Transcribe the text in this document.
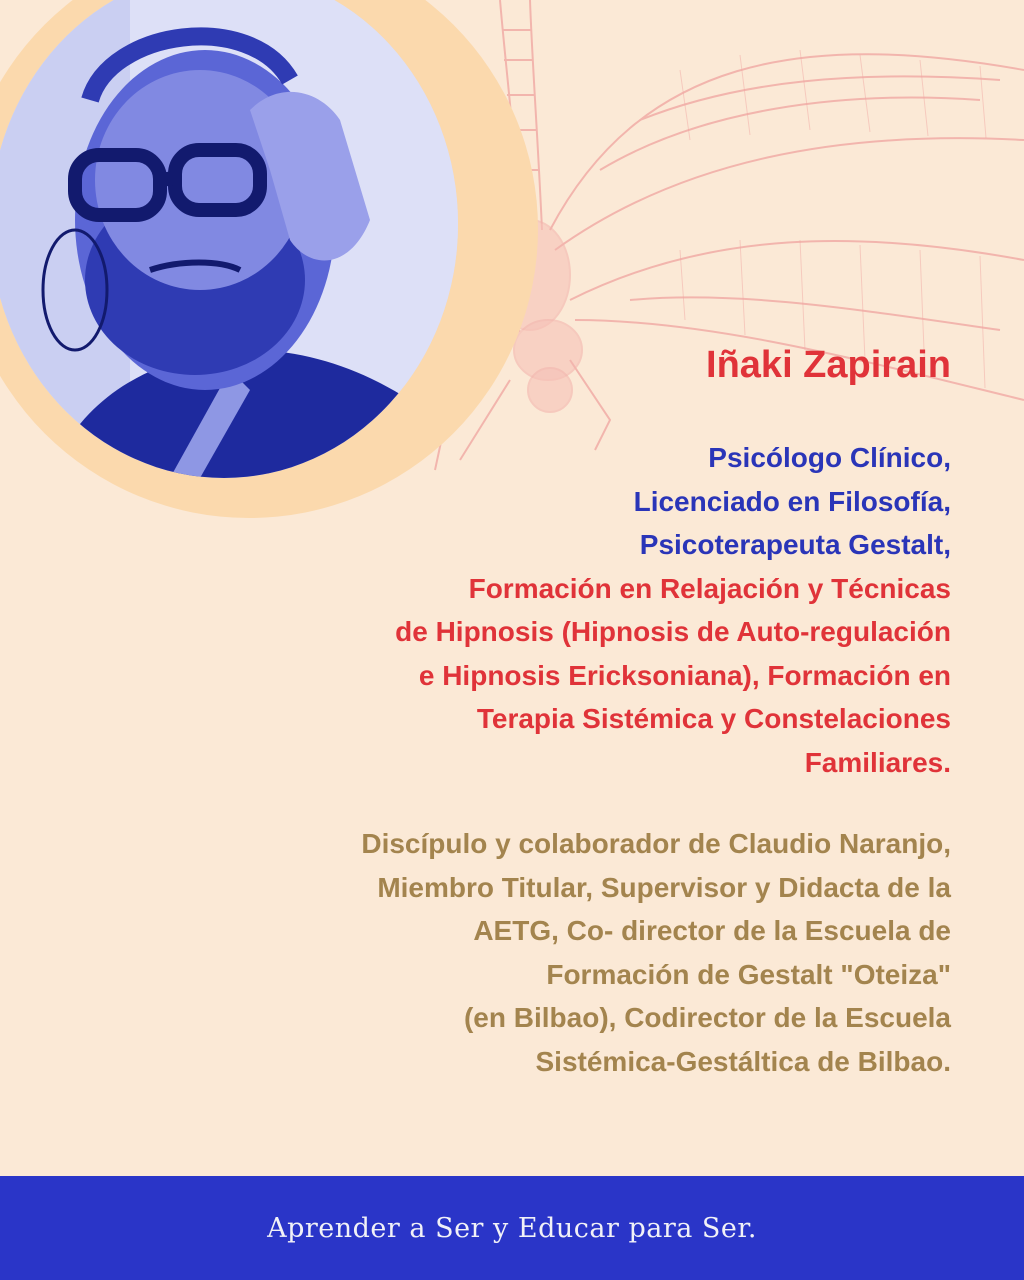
Iñaki Zapirain
Psicólogo Clínico,
Licenciado en Filosofía,
Psicoterapeuta Gestalt,
Formación en Relajación y Técnicas
de Hipnosis (Hipnosis de Auto-regulación
e Hipnosis Ericksoniana), Formación en
Terapia Sistémica y Constelaciones
Familiares.
Discípulo y colaborador de Claudio Naranjo,
Miembro Titular, Supervisor y Didacta de la
AETG, Co- director de la Escuela de
Formación de Gestalt "Oteiza"
(en Bilbao), Codirector de la Escuela
Sistémica-Gestáltica de Bilbao.
Aprender a Ser y Educar para Ser.
